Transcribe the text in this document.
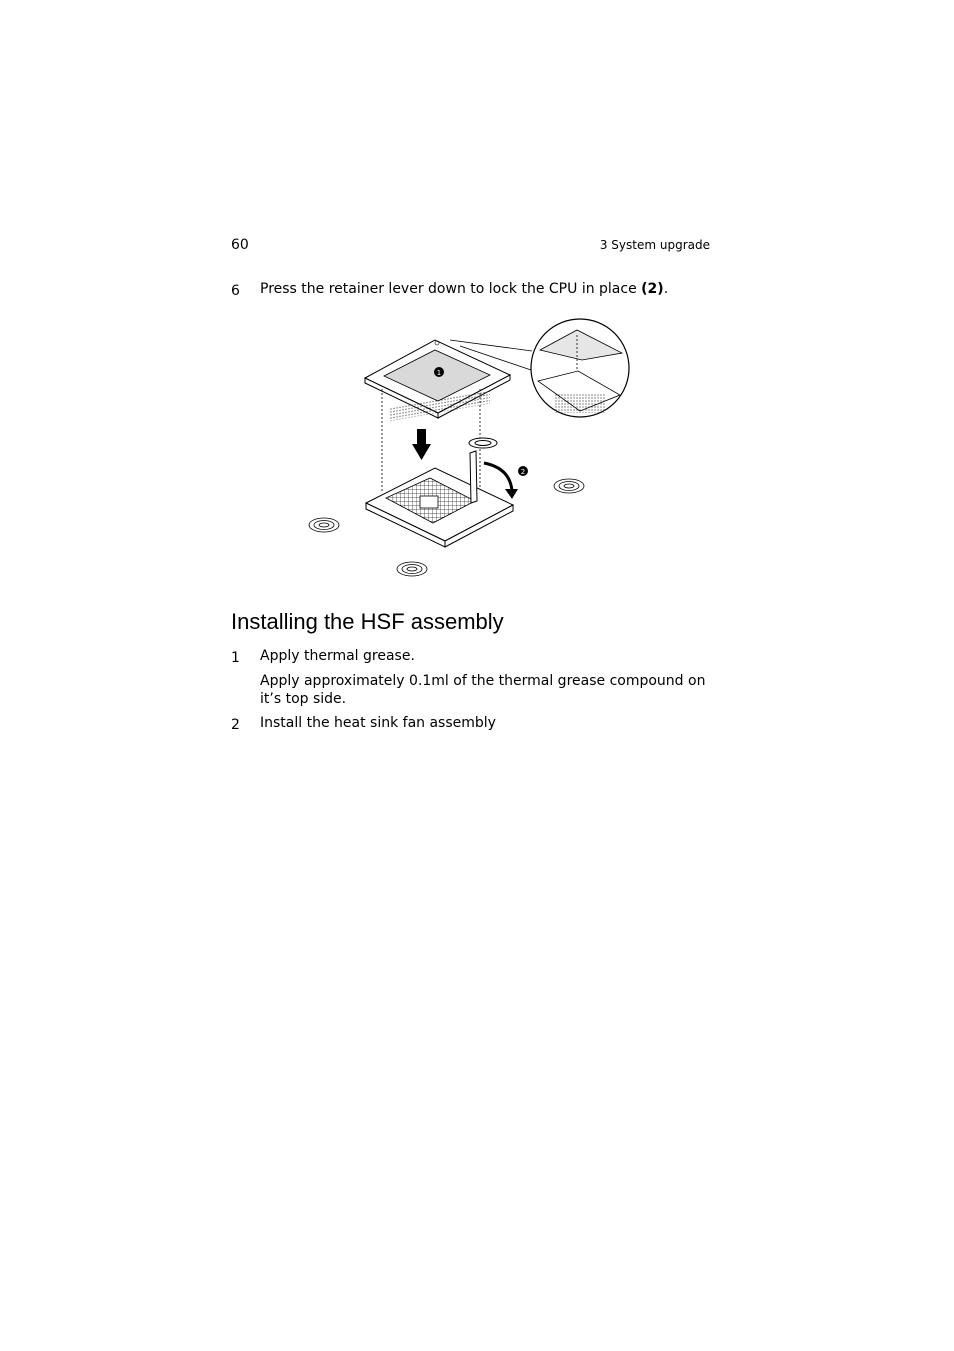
60	3 System upgrade
6 Press the retainer lever down to lock the CPU in place (2).
1
2
Installing the HSF assembly
1 Apply thermal grease.
Apply approximately 0.1ml of the thermal grease compound on it’s top side.
2 Install the heat sink fan assembly
